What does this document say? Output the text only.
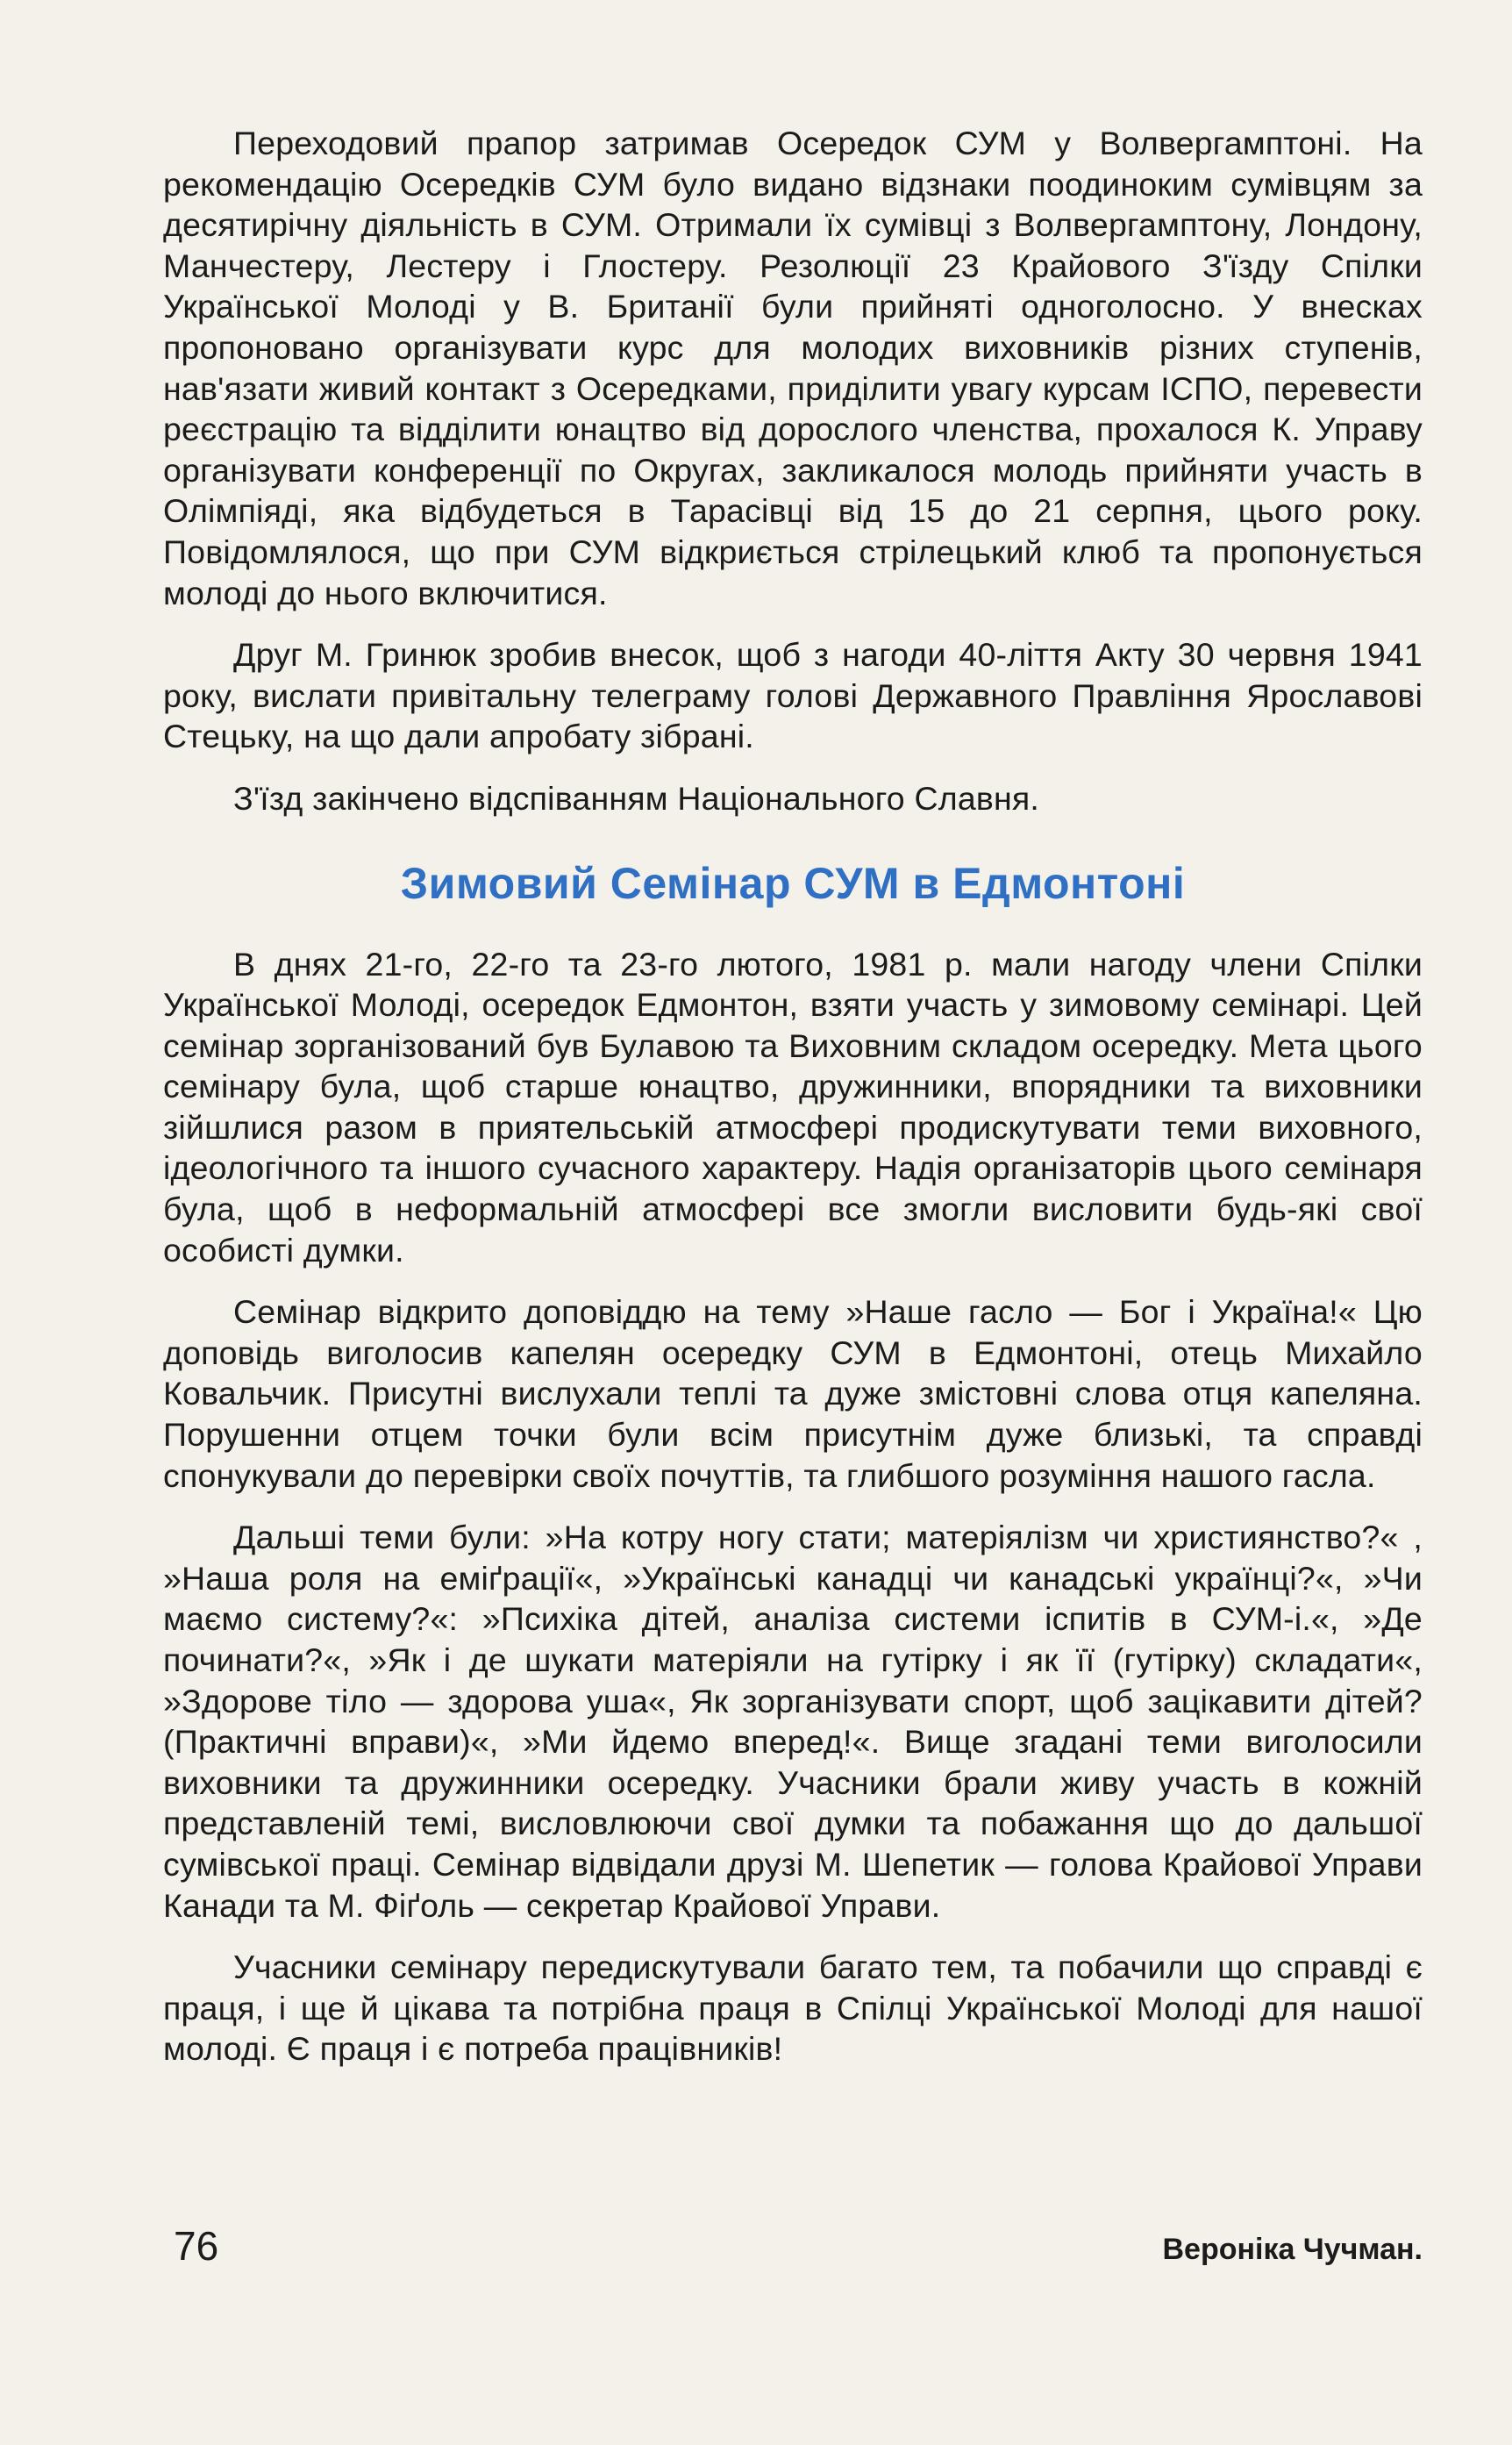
Переходовий прапор затримав Осередок СУМ у Волвергамптоні. На рекомендацію Осередків СУМ було видано відзнаки поодиноким сумівцям за десятирічну діяльність в СУМ. Отримали їх сумівці з Волвергамптону, Лондону, Манчестеру, Лестеру і Глостеру. Резолюції 23 Крайового З'їзду Спілки Української Молоді у В. Британії були прийняті одноголосно. У внесках пропоновано організувати курс для молодих виховників різних ступенів, нав'язати живий контакт з Осередками, приділити увагу курсам ІСПО, перевести реєстрацію та відділити юнацтво від дорослого членства, прохалося К. Управу організувати конференції по Округах, закликалося молодь прийняти участь в Олімпіяді, яка відбудеться в Тарасівці від 15 до 21 серпня, цього року. Повідомлялося, що при СУМ відкриється стрілецький клюб та пропонується молоді до нього включитися.

Друг М. Гринюк зробив внесок, щоб з нагоди 40-ліття Акту 30 червня 1941 року, вислати привітальну телеграму голові Державного Правління Ярославові Стецьку, на що дали апробату зібрані.

З'їзд закінчено відспіванням Національного Славня.

Зимовий Семінар СУМ в Едмонтоні

В днях 21-го, 22-го та 23-го лютого, 1981 р. мали нагоду члени Спілки Української Молоді, осередок Едмонтон, взяти участь у зимовому семінарі. Цей семінар зорганізований був Булавою та Виховним складом осередку. Мета цього семінару була, щоб старше юнацтво, дружинники, впорядники та виховники зійшлися разом в приятельській атмосфері продискутувати теми виховного, ідеологічного та іншого сучасного характеру. Надія організаторів цього семінаря була, щоб в неформальній атмосфері все змогли висловити будь-які свої особисті думки.

Семінар відкрито доповіддю на тему »Наше гасло — Бог і Україна!« Цю доповідь виголосив капелян осередку СУМ в Едмонтоні, отець Михайло Ковальчик. Присутні вислухали теплі та дуже змістовні слова отця капеляна. Порушенни отцем точки були всім присутнім дуже близькі, та справді спонукували до перевірки своїх почуттів, та глибшого розуміння нашого гасла.

Дальші теми були: »На котру ногу стати; матеріялізм чи християнство?« , »Наша роля на еміґрації«, »Українські канадці чи канадські українці?«, »Чи маємо систему?«: »Психіка дітей, аналіза системи іспитів в СУМ-і.«, »Де починати?«, »Як і де шукати матеріяли на гутірку і як її (гутірку) складати«, »Здорове тіло — здорова уша«, Як зорганізувати спорт, щоб зацікавити дітей? (Практичні вправи)«, »Ми йдемо вперед!«. Вище згадані теми виголосили виховники та дружинники осередку. Учасники брали живу участь в кожній представленій темі, висловлюючи свої думки та побажання що до дальшої сумівської праці. Семінар відвідали друзі М. Шепетик — голова Крайової Управи Канади та М. Фіґоль — секретар Крайової Управи.

Учасники семінару передискутували багато тем, та побачили що справді є праця, і ще й цікава та потрібна праця в Спілці Української Молоді для нашої молоді. Є праця і є потреба працівників!

76	Вероніка Чучман.
